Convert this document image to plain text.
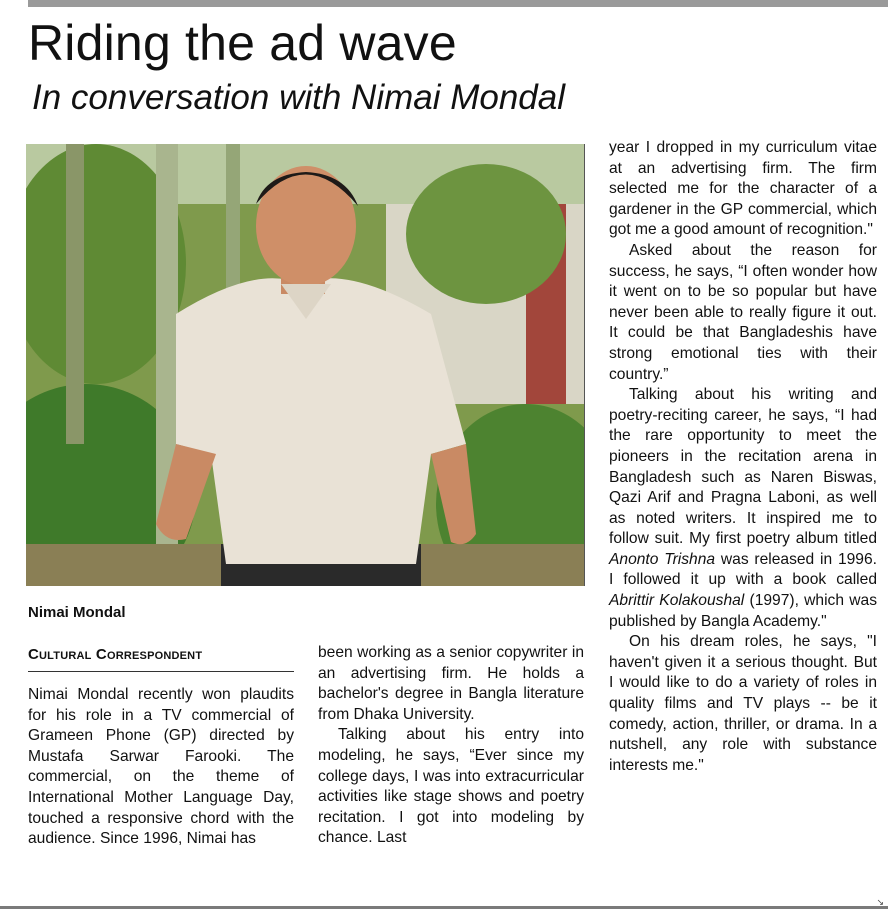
Riding the ad wave
In conversation with Nimai Mondal

Nimai Mondal

Cultural Correspondent

Nimai Mondal recently won plaudits for his role in a TV commercial of Grameen Phone (GP) directed by Mustafa Sarwar Farooki. The commercial, on the theme of International Mother Language Day, touched a responsive chord with the audience. Since 1996, Nimai has

been working as a senior copywriter in an advertising firm. He holds a bachelor's degree in Bangla literature from Dhaka University.

Talking about his entry into modeling, he says, “Ever since my college days, I was into extracurricular activities like stage shows and poetry recitation. I got into modeling by chance. Last

year I dropped in my curriculum vitae at an advertising firm. The firm selected me for the character of a gardener in the GP commercial, which got me a good amount of recognition."

Asked about the reason for success, he says, “I often wonder how it went on to be so popular but have never been able to really figure it out. It could be that Bangladeshis have strong emotional ties with their country.”

Talking about his writing and poetry-reciting career, he says, “I had the rare opportunity to meet the pioneers in the recitation arena in Bangladesh such as Naren Biswas, Qazi Arif and Pragna Laboni, as well as noted writers. It inspired me to follow suit. My first poetry album titled Anonto Trishna was released in 1996. I followed it up with a book called Abrittir Kolakoushal (1997), which was published by Bangla Academy."

On his dream roles, he says, "I haven't given it a serious thought. But I would like to do a variety of roles in quality films and TV plays -- be it comedy, action, thriller, or drama. In a nutshell, any role with substance interests me."

↘
